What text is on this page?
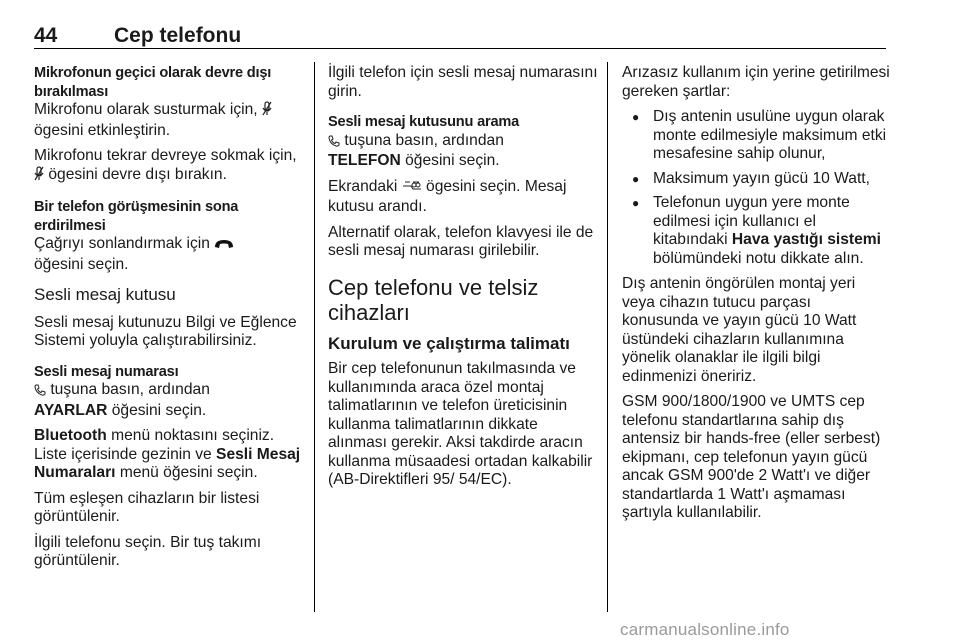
44	Cep telefonu
Mikrofonun geçici olarak devre dışı bırakılması

Mikrofonu olarak susturmak için,  ögesini etkinleştirin.

Mikrofonu tekrar devreye sokmak için,  ögesini devre dışı bırakın.

Bir telefon görüşmesinin sona erdirilmesi

Çağrıyı sonlandırmak için
öğesini seçin.

Sesli mesaj kutusu

Sesli mesaj kutunuzu Bilgi ve Eğlence Sistemi yoluyla çalıştırabilirsiniz.

Sesli mesaj numarası

tuşuna basın, ardından
AYARLAR öğesini seçin.

Bluetooth menü noktasını seçiniz. Liste içerisinde gezinin ve Sesli Mesaj Numaraları menü öğesini seçin.

Tüm eşleşen cihazların bir listesi görüntülenir.

İlgili telefonu seçin. Bir tuş takımı görüntülenir.

İlgili telefon için sesli mesaj numarasını girin.

Sesli mesaj kutusunu arama

tuşuna basın, ardından
TELEFON öğesini seçin.

Ekrandaki ögesini seçin. Mesaj kutusu arandı.

Alternatif olarak, telefon klavyesi ile de sesli mesaj numarası girilebilir.

Cep telefonu ve telsiz cihazları
Kurulum ve çalıştırma talimatı

Bir cep telefonunun takılmasında ve kullanımında araca özel montaj talimatlarının ve telefon üreticisinin kullanma talimatlarının dikkate alınması gerekir. Aksi takdirde aracın kullanma müsaadesi ortadan kalkabilir (AB-Direktifleri 95/ 54/EC).

Arızasız kullanım için yerine getirilmesi gereken şartlar:

● Dış antenin usulüne uygun olarak monte edilmesiyle maksimum etki mesafesine sahip olunur,
● Maksimum yayın gücü 10 Watt,
● Telefonun uygun yere monte edilmesi için kullanıcı el kitabındaki Hava yastığı sistemi bölümündeki notu dikkate alın.

Dış antenin öngörülen montaj yeri veya cihazın tutucu parçası konusunda ve yayın gücü 10 Watt üstündeki cihazların kullanımına yönelik olanaklar ile ilgili bilgi edinmenizi öneririz.

GSM 900/1800/1900 ve UMTS cep telefonu standartlarına sahip dış antensiz bir hands-free (eller serbest) ekipmanı, cep telefonun yayın gücü ancak GSM 900'de 2 Watt'ı ve diğer standartlarda 1 Watt'ı aşmaması şartıyla kullanılabilir.

carmanualsonline.info
